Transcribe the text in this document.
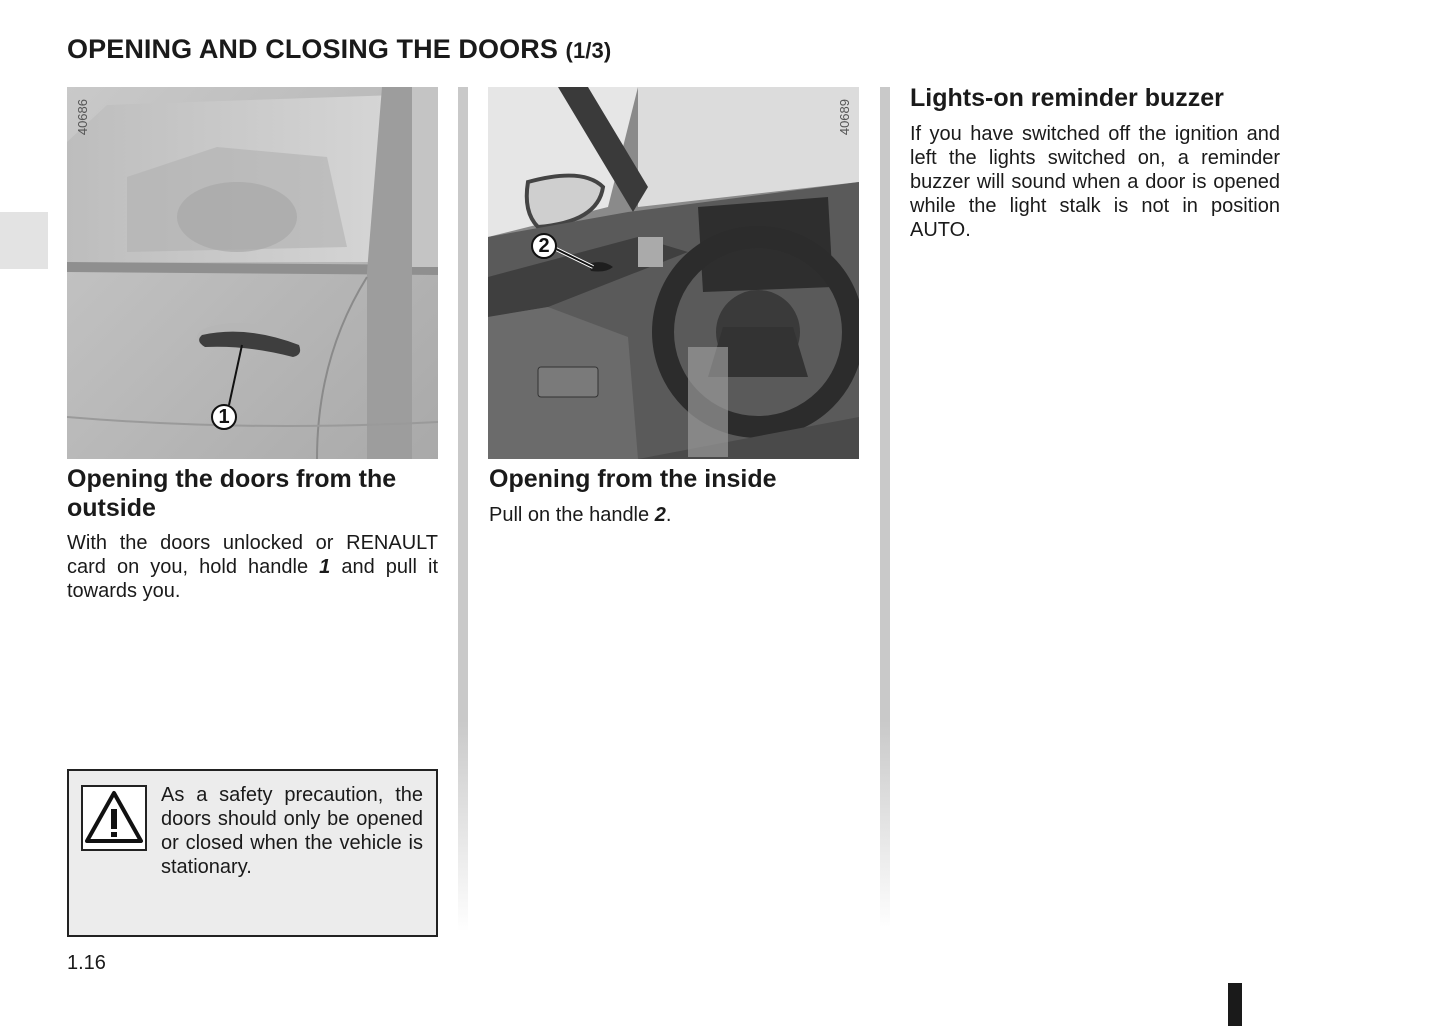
OPENING AND CLOSING THE DOORS (1/3)
40686
1
40689
2
Opening the doors from the outside

With the doors unlocked or RENAULT card on you, hold handle 1 and pull it towards you.

Opening from the inside

Pull on the handle 2.

Lights-on reminder buzzer

If you have switched off the ignition and left the lights switched on, a reminder buzzer will sound when a door is opened while the light stalk is not in position AUTO.

As a safety precaution, the doors should only be opened or closed when the vehicle is stationary.

1.16
